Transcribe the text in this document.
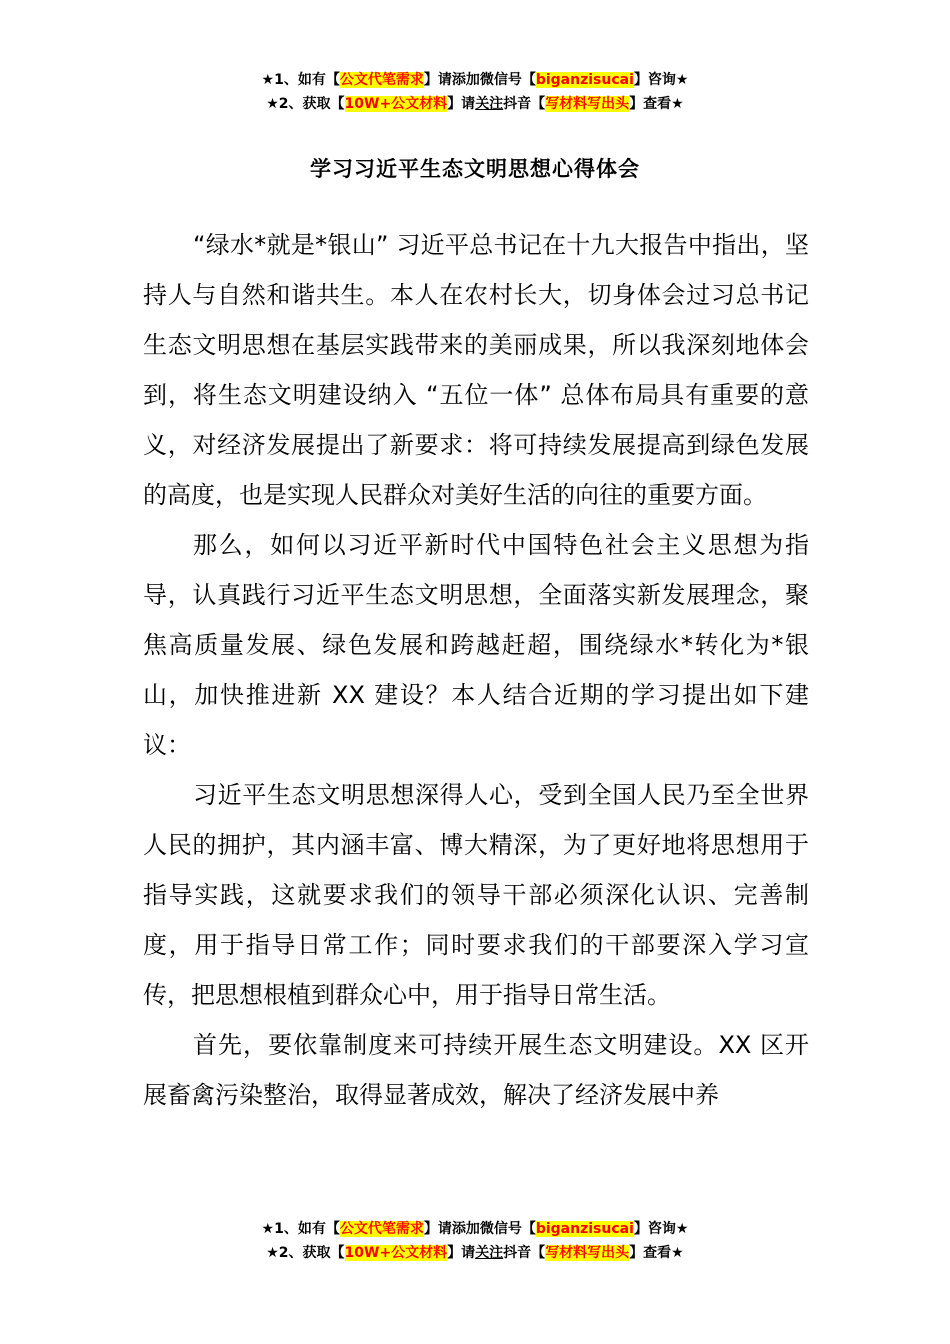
★1、如有【公文代笔需求】请添加微信号【biganzisucai】咨询★
★2、获取【10W+公文材料】请关注抖音【写材料写出头】查看★
学习习近平生态文明思想心得体会

“绿水*就是*银山” 习近平总书记在十九大报告中指出，坚持人与自然和谐共生。本人在农村长大，切身体会过习总书记生态文明思想在基层实践带来的美丽成果，所以我深刻地体会到，将生态文明建设纳入 “五位一体” 总体布局具有重要的意义，对经济发展提出了新要求：将可持续发展提高到绿色发展的高度，也是实现人民群众对美好生活的向往的重要方面。

那么，如何以习近平新时代中国特色社会主义思想为指导，认真践行习近平生态文明思想，全面落实新发展理念，聚焦高质量发展、绿色发展和跨越赶超，围绕绿水*转化为*银山，加快推进新 XX 建设？本人结合近期的学习提出如下建议：

习近平生态文明思想深得人心，受到全国人民乃至全世界人民的拥护，其内涵丰富、博大精深，为了更好地将思想用于指导实践，这就要求我们的领导干部必须深化认识、完善制度，用于指导日常工作；同时要求我们的干部要深入学习宣传，把思想根植到群众心中，用于指导日常生活。

首先，要依靠制度来可持续开展生态文明建设。XX 区开展畜禽污染整治，取得显著成效，解决了经济发展中养

★1、如有【公文代笔需求】请添加微信号【biganzisucai】咨询★
★2、获取【10W+公文材料】请关注抖音【写材料写出头】查看★
